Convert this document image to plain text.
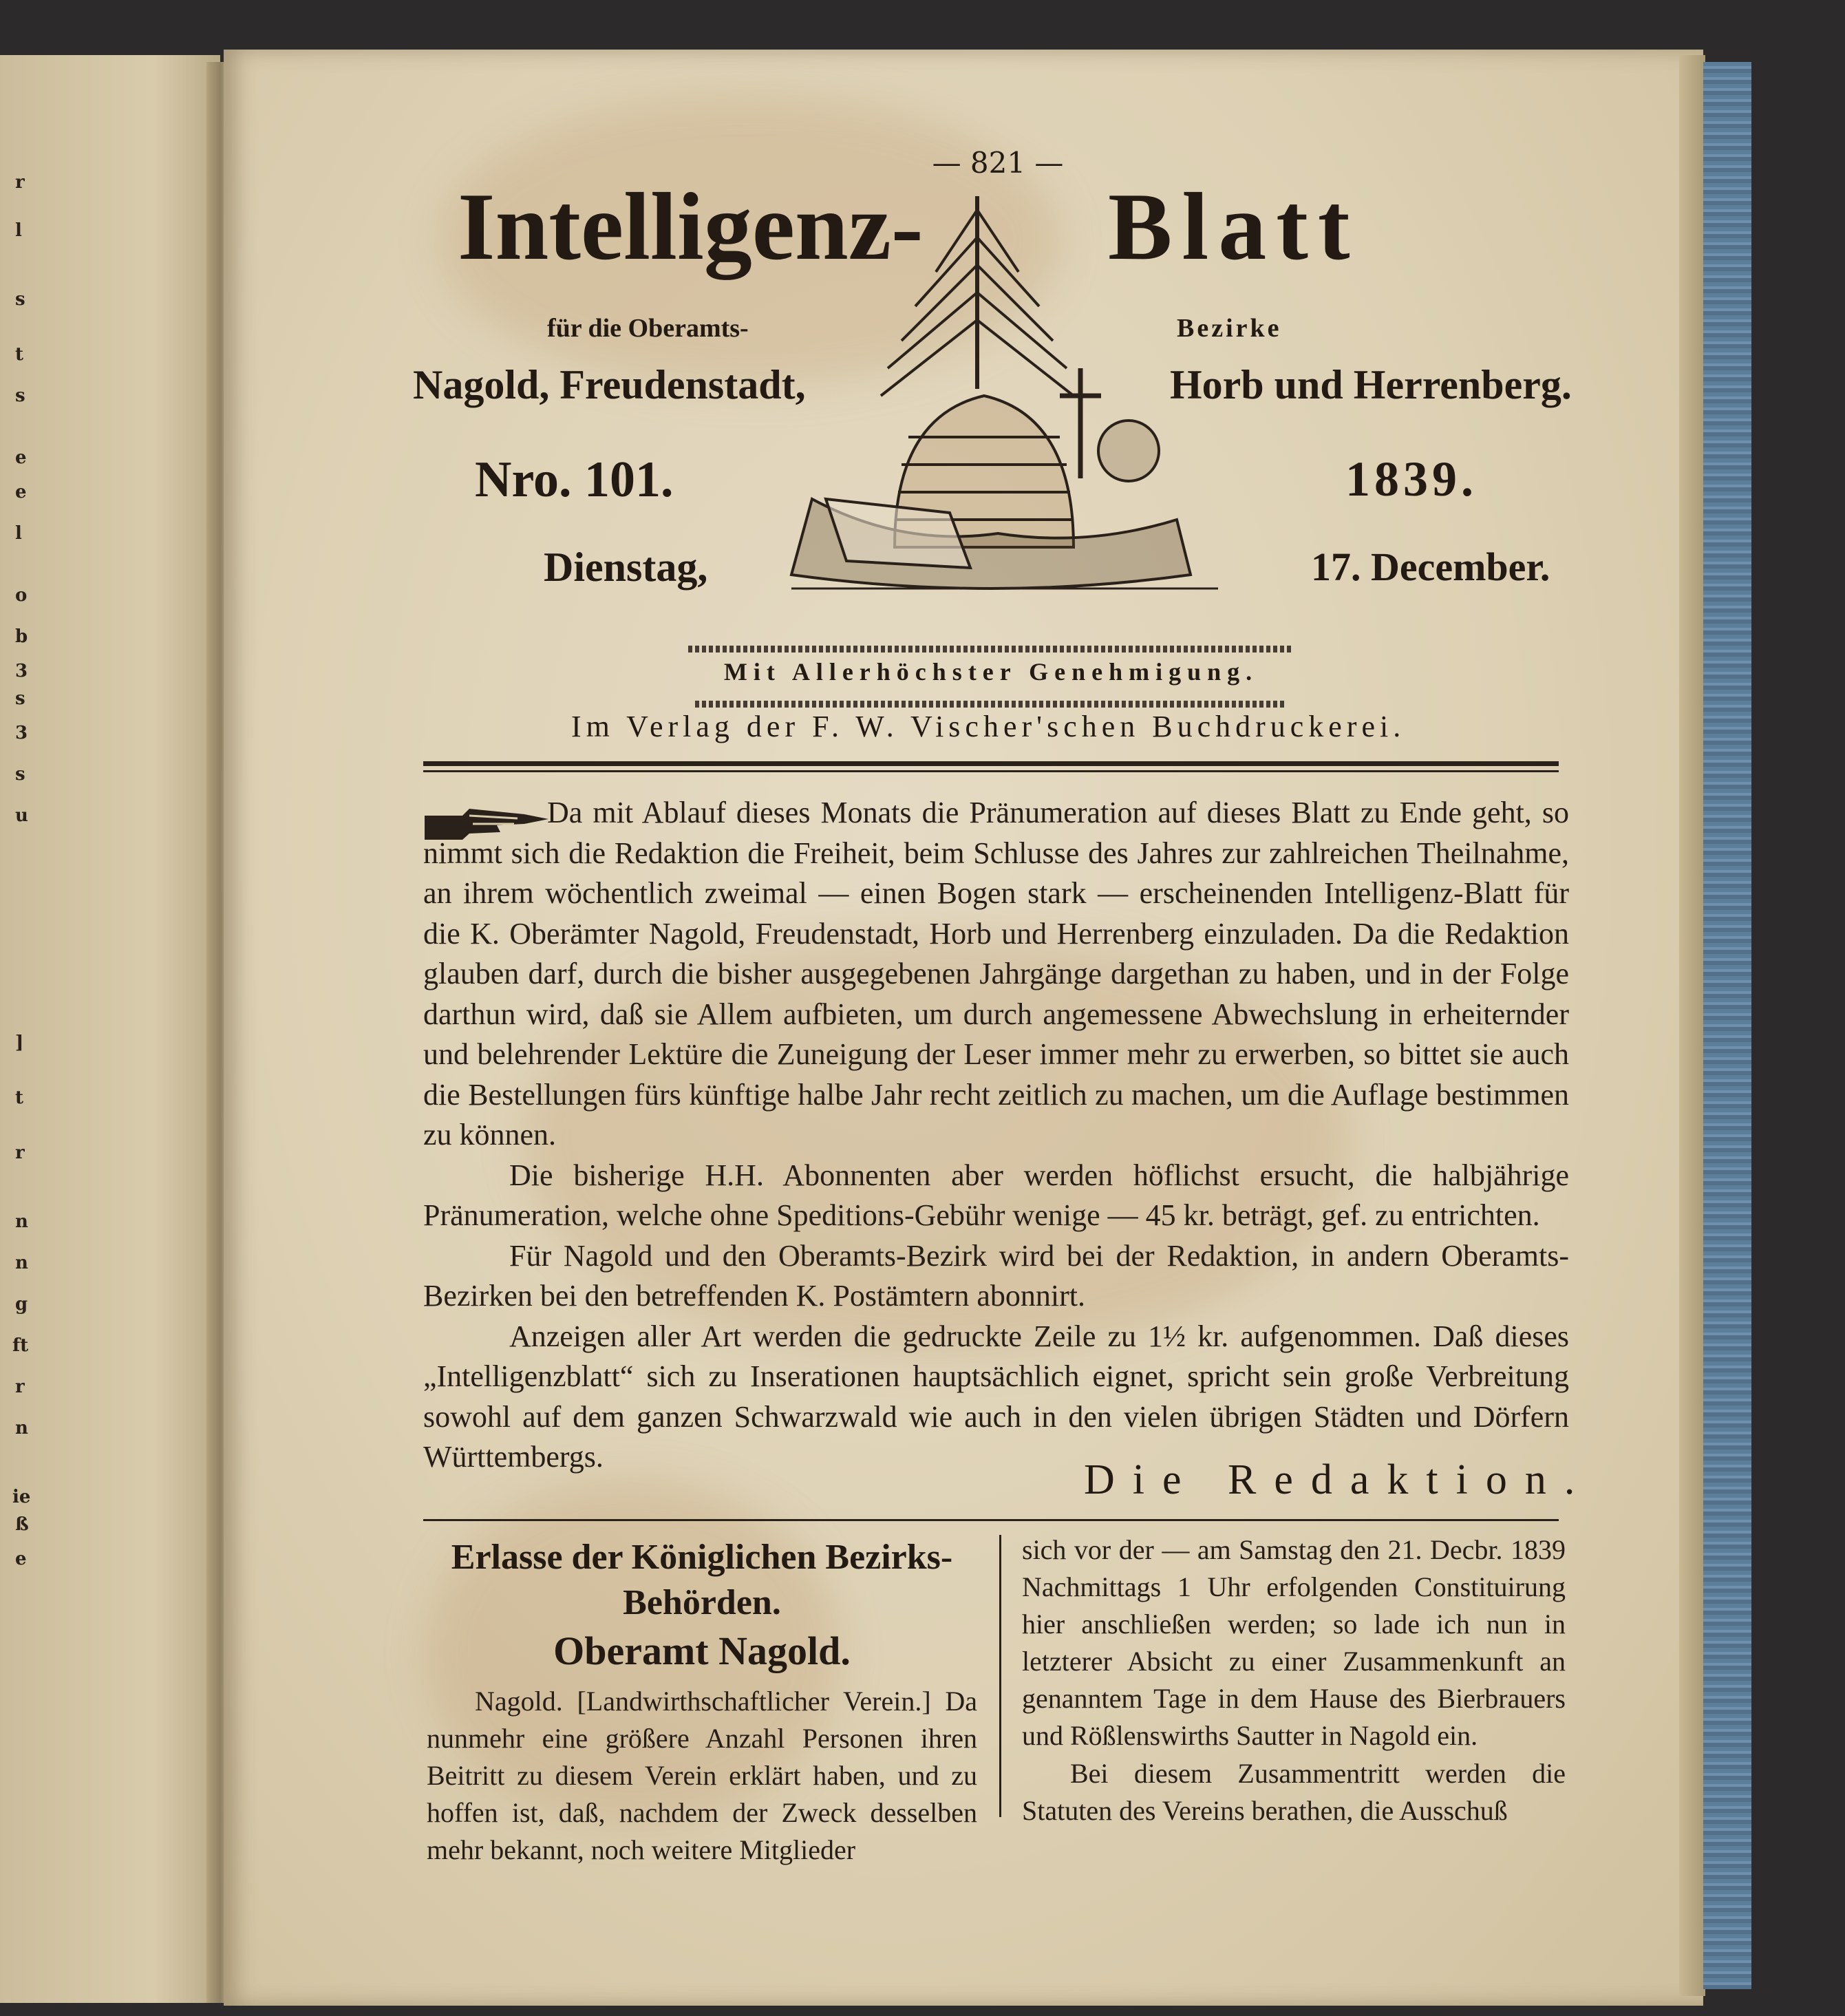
r
l
s
t
s
e
e
l
o
b
3
s
3
s
u
]
t
r
n
n
g
ft
r
n
ie
ß
e
— 821 —
Intelligenz- Blatt
für die Oberamts-	Bezirke
Nagold, Freudenstadt,	Horb und Herrenberg.
Nro. 101.	1839.
Dienstag,	17. December.
Mit Allerhöchster Genehmigung.
Im Verlag der F. W. Vischer'schen Buchdruckerei.

Da mit Ablauf dieses Monats die Pränumeration auf dieses Blatt zu Ende geht, so nimmt sich die Redaktion die Freiheit, beim Schlusse des Jahres zur zahlreichen Theilnahme, an ihrem wöchentlich zweimal — einen Bogen stark — erscheinenden Intelligenz-Blatt für die K. Oberämter Nagold, Freudenstadt, Horb und Herrenberg einzuladen. Da die Redaktion glauben darf, durch die bisher ausgegebenen Jahrgänge dargethan zu haben, und in der Folge darthun wird, daß sie Allem aufbieten, um durch angemessene Abwechslung in erheiternder und belehrender Lektüre die Zuneigung der Leser immer mehr zu erwerben, so bittet sie auch die Bestellungen fürs künftige halbe Jahr recht zeitlich zu machen, um die Auflage bestimmen zu können.

Die bisherige H.H. Abonnenten aber werden höflichst ersucht, die halbjährige Pränumeration, welche ohne Speditions-Gebühr wenige — 45 kr. beträgt, gef. zu entrichten.

Für Nagold und den Oberamts-Bezirk wird bei der Redaktion, in andern Oberamts-Bezirken bei den betreffenden K. Postämtern abonnirt.

Anzeigen aller Art werden die gedruckte Zeile zu 1½ kr. aufgenommen. Daß dieses „Intelligenzblatt“ sich zu Inserationen hauptsächlich eignet, spricht sein große Verbreitung sowohl auf dem ganzen Schwarzwald wie auch in den vielen übrigen Städten und Dörfern Württembergs.	Die Redaktion.
Erlasse der Königlichen Bezirks-Behörden.
Oberamt Nagold.
Nagold. [Landwirthschaftlicher Verein.] Da nunmehr eine größere Anzahl Personen ihren Beitritt zu diesem Verein erklärt haben, und zu hoffen ist, daß, nachdem der Zweck desselben mehr bekannt, noch weitere Mitglieder
sich vor der — am Samstag den 21. Decbr. 1839 Nachmittags 1 Uhr erfolgenden Constituirung hier anschließen werden; so lade ich nun in letzterer Absicht zu einer Zusammenkunft an genanntem Tage in dem Hause des Bierbrauers und Rößlenswirths Sautter in Nagold ein.
Bei diesem Zusammentritt werden die Statuten des Vereins berathen, die Ausschuß
